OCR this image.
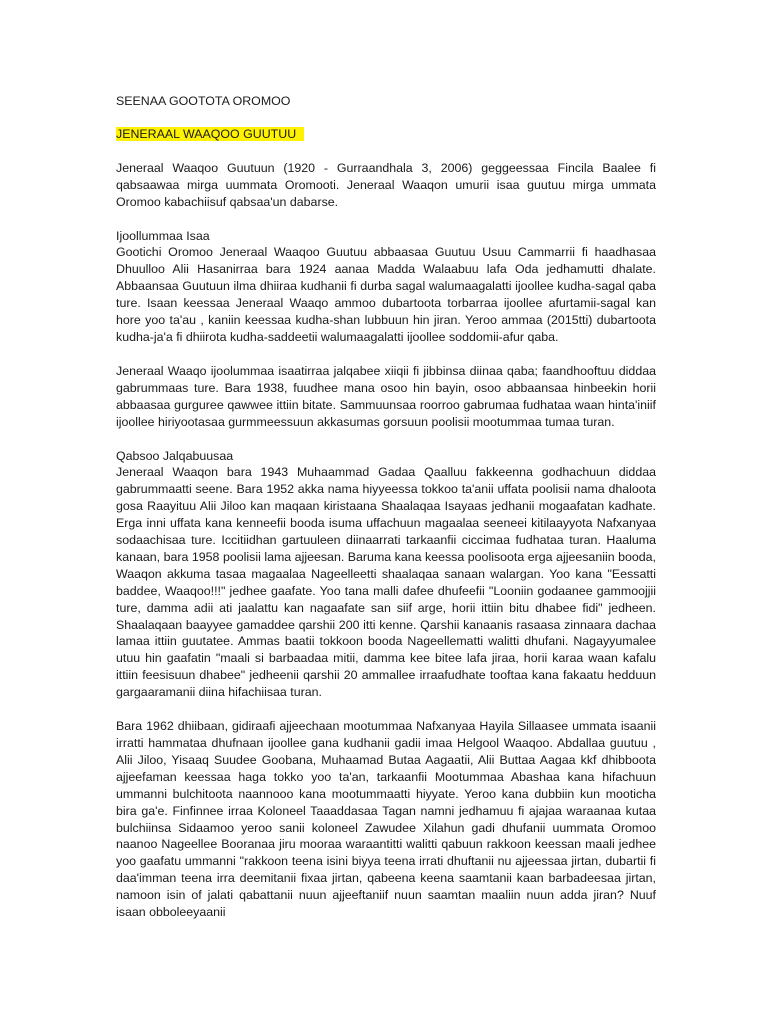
SEENAA GOOTOTA OROMOO
JENERAAL WAAQOO GUUTUU

Jeneraal Waaqoo Guutuun (1920 - Gurraandhala 3, 2006) geggeessaa Fincila Baalee fi qabsaawaa mirga uummata Oromooti. Jeneraal Waaqon umurii isaa guutuu mirga ummata Oromoo kabachiisuf qabsaa'un dabarse.

Ijoollummaa Isaa

Gootichi Oromoo Jeneraal Waaqoo Guutuu abbaasaa Guutuu Usuu Cammarrii fi haadhasaa Dhuulloo Alii Hasanirraa bara 1924 aanaa Madda Walaabuu lafa Oda jedhamutti dhalate. Abbaansaa Guutuun ilma dhiiraa kudhanii fi durba sagal walumaagalatti ijoollee kudha-sagal qaba ture. Isaan keessaa Jeneraal Waaqo ammoo dubartoota torbarraa ijoollee afurtamii-sagal kan hore yoo ta'au , kaniin keessaa kudha-shan lubbuun hin jiran. Yeroo ammaa (2015tti) dubartoota kudha-ja'a fi dhiirota kudha-saddeetii walumaagalatti ijoollee soddomii-afur qaba.

Jeneraal Waaqo ijoolummaa isaatirraa jalqabee xiiqii fi jibbinsa diinaa qaba; faandhooftuu diddaa gabrummaas ture. Bara 1938, fuudhee mana osoo hin bayin, osoo abbaansaa hinbeekin horii abbaasaa gurguree qawwee ittiin bitate. Sammuunsaa roorroo gabrumaa fudhataa waan hinta'iniif ijoollee hiriyootasaa gurmmeessuun akkasumas gorsuun poolisii mootummaa tumaa turan.

Qabsoo Jalqabuusaa

Jeneraal Waaqon bara 1943 Muhaammad Gadaa Qaalluu fakkeenna godhachuun diddaa gabrummaatti seene. Bara 1952 akka nama hiyyeessa tokkoo ta'anii uffata poolisii nama dhaloota gosa Raayituu Alii Jiloo kan maqaan kiristaana Shaalaqaa Isayaas jedhanii mogaafatan kadhate. Erga inni uffata kana kenneefii booda isuma uffachuun magaalaa seeneei kitilaayyota Nafxanyaa sodaachisaa ture. Iccitiidhan gartuuleen diinaarrati tarkaanfii ciccimaa fudhataa turan. Haaluma kanaan, bara 1958 poolisii lama ajjeesan. Baruma kana keessa poolisoota erga ajjeesaniin booda, Waaqon akkuma tasaa magaalaa Nageelleetti shaalaqaa sanaan walargan. Yoo kana "Eessatti baddee, Waaqoo!!!" jedhee gaafate. Yoo tana malli dafee dhufeefii "Looniin godaanee gammoojjii ture, damma adii ati jaalattu kan nagaafate san siif arge, horii ittiin bitu dhabee fidi" jedheen. Shaalaqaan baayyee gamaddee qarshii 200 itti kenne. Qarshii kanaanis rasaasa zinnaara dachaa lamaa ittiin guutatee. Ammas baatii tokkoon booda Nageellematti walitti dhufani. Nagayyumalee utuu hin gaafatin "maali si barbaadaa mitii, damma kee bitee lafa jiraa, horii karaa waan kafalu ittiin feesisuun dhabee" jedheenii qarshii 20 ammallee irraafudhate tooftaa kana fakaatu hedduun gargaaramanii diina hifachiisaa turan.

Bara 1962 dhiibaan, gidiraafi ajjeechaan mootummaa Nafxanyaa Hayila Sillaasee ummata isaanii irratti hammataa dhufnaan ijoollee gana kudhanii gadii imaa Helgool Waaqoo. Abdallaa guutuu , Alii Jiloo, Yisaaq Suudee Goobana, Muhaamad Butaa Aagaatii, Alii Buttaa Aagaa kkf dhibboota ajjeefaman keessaa haga tokko yoo ta'an, tarkaanfii Mootummaa Abashaa kana hifachuun ummanni bulchitoota naannooo kana mootummaatti hiyyate. Yeroo kana dubbiin kun mooticha bira ga'e. Finfinnee irraa Koloneel Taaaddasaa Tagan namni jedhamuu fi ajajaa waraanaa kutaa bulchiinsa Sidaamoo yeroo sanii koloneel Zawudee Xilahun gadi dhufanii uummata Oromoo naanoo Nageellee Booranaa jiru mooraa waraantitti walitti qabuun rakkoon keessan maali jedhee yoo gaafatu ummanni "rakkoon teena isini biyya teena irrati dhuftanii nu ajjeessaa jirtan, dubartii fi daa'imman teena irra deemitanii fixaa jirtan, qabeena keena saamtanii kaan barbadeesaa jirtan, namoon isin of jalati qabattanii nuun ajjeeftaniif nuun saamtan maaliin nuun adda jiran? Nuuf isaan obboleeyaanii
